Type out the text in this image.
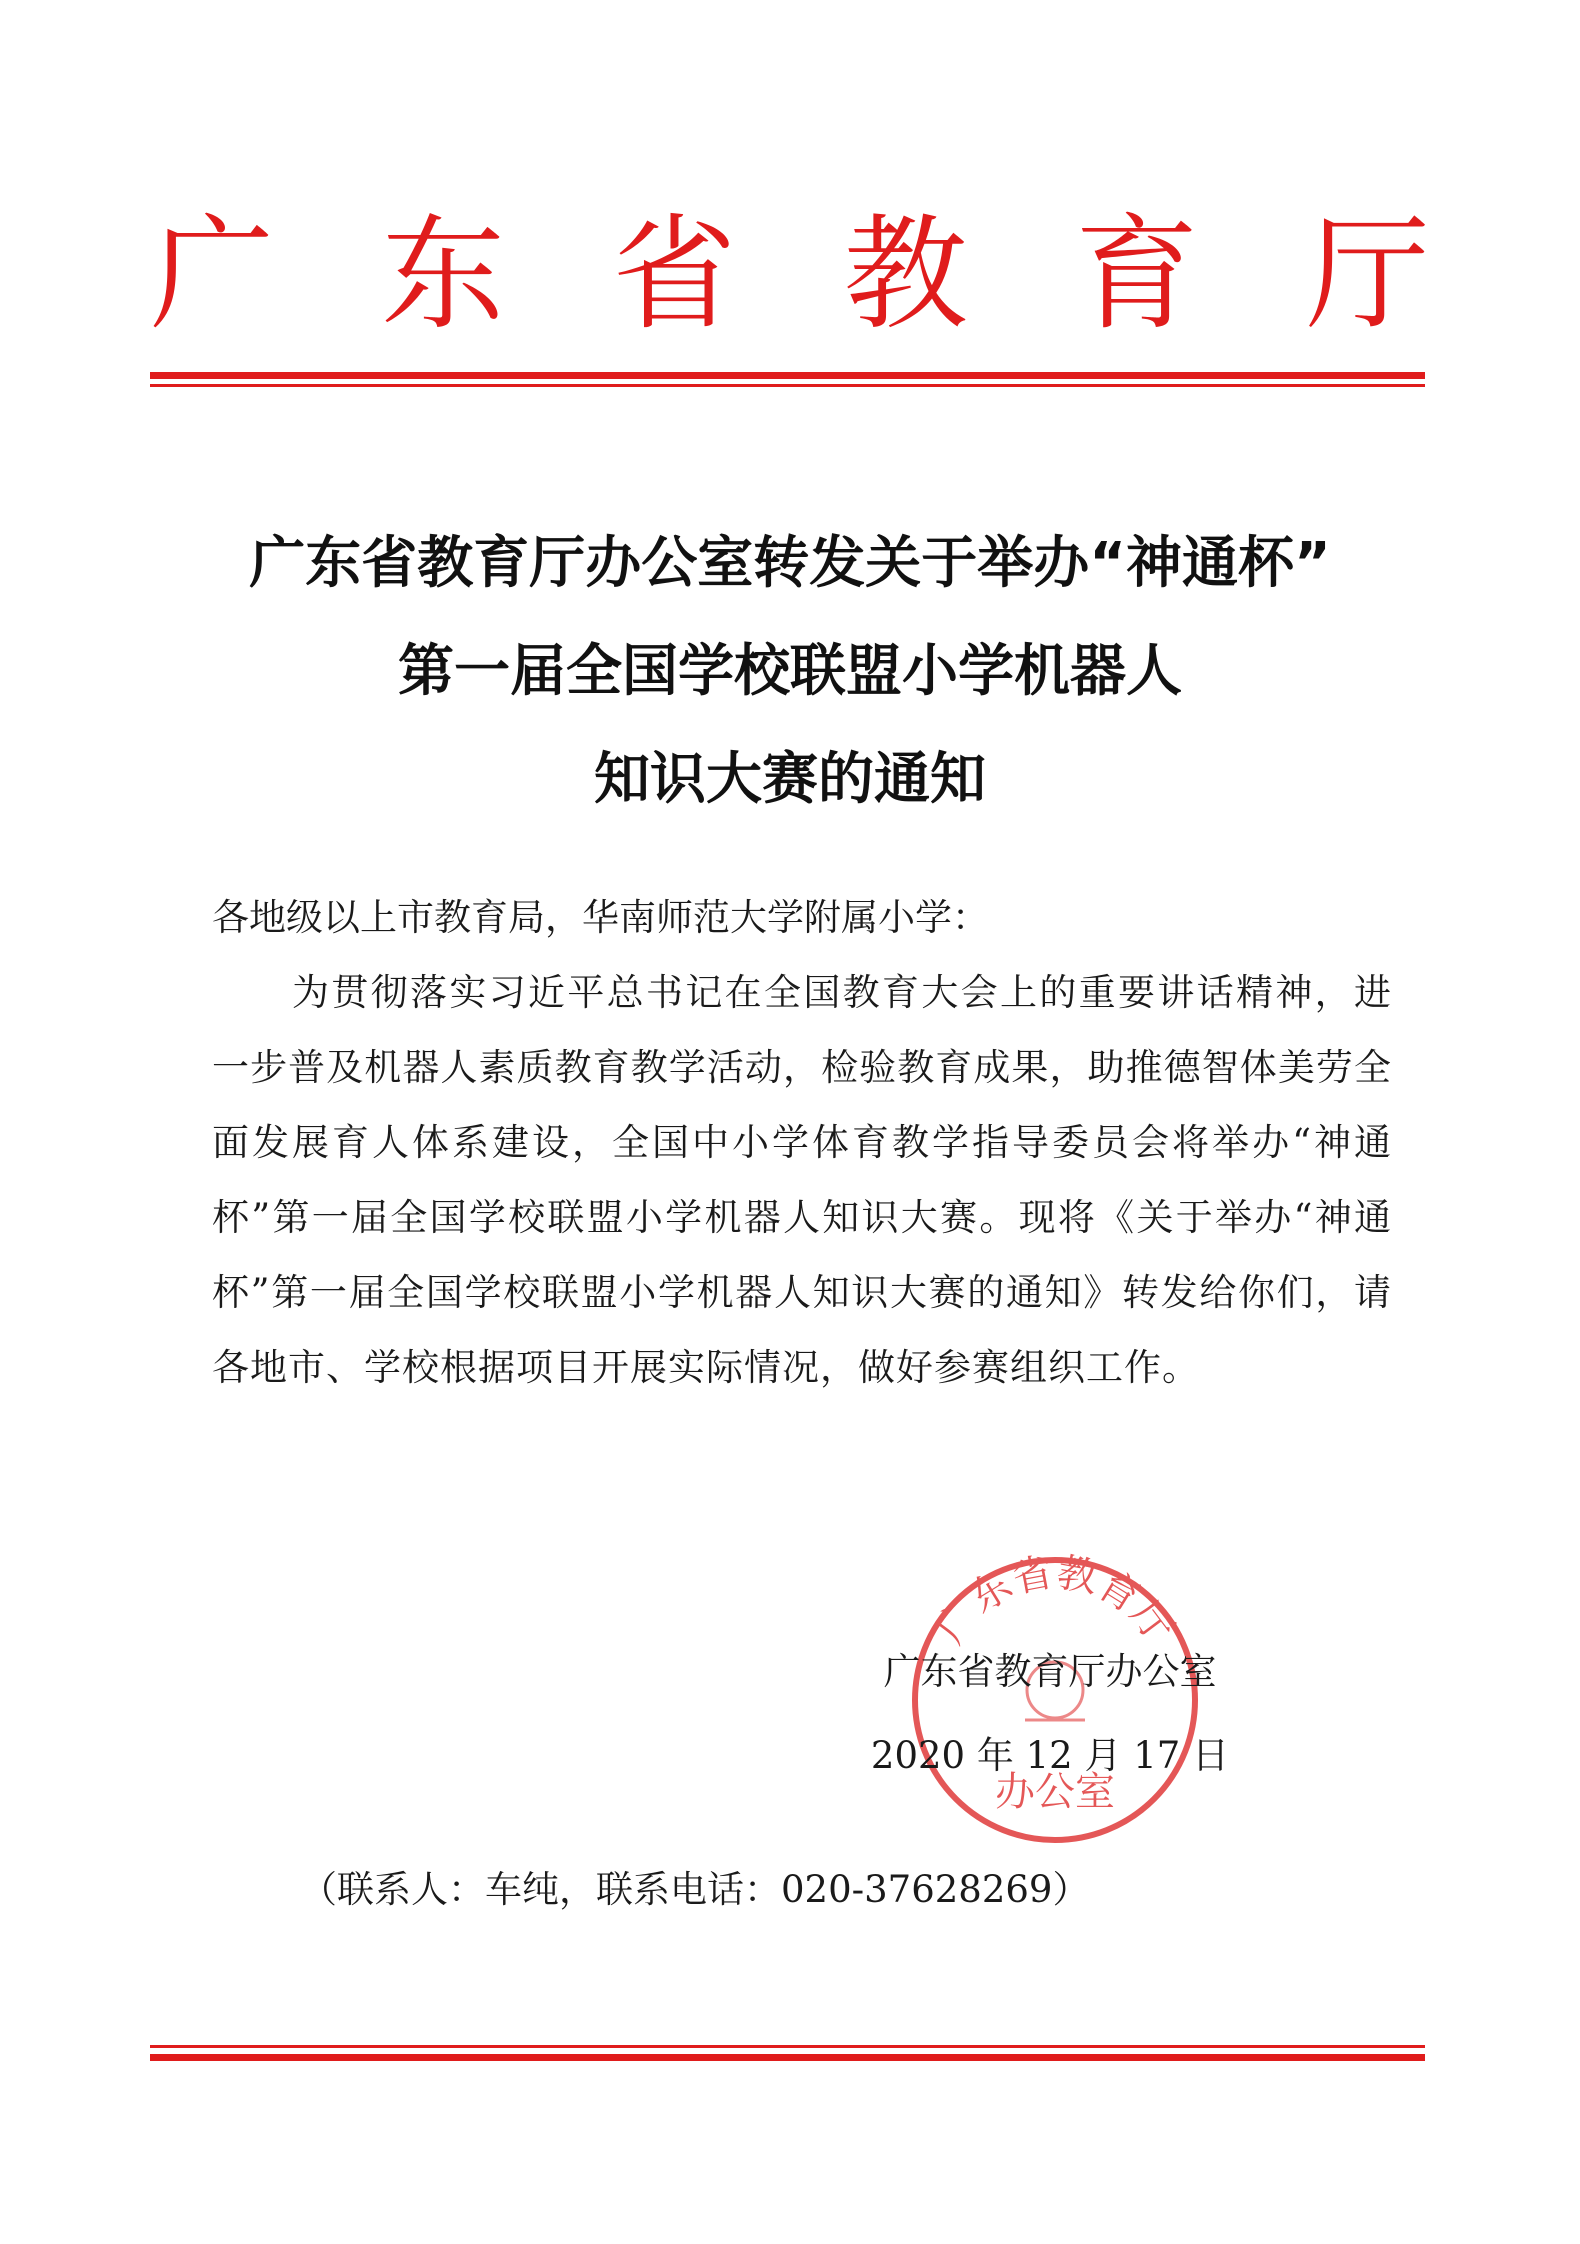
广 东 省 教 育 厅
广东省教育厅办公室转发关于举办“神通杯”
第一届全国学校联盟小学机器人
知识大赛的通知
各地级以上市教育局，华南师范大学附属小学：
为贯彻落实习近平总书记在全国教育大会上的重要讲话精神，进一步普及机器人素质教育教学活动，检验教育成果，助推德智体美劳全面发展育人体系建设，全国中小学体育教学指导委员会将举办“神通杯”第一届全国学校联盟小学机器人知识大赛。现将《关于举办“神通杯”第一届全国学校联盟小学机器人知识大赛的通知》转发给你们，请各地市、学校根据项目开展实际情况，做好参赛组织工作。
广东省教育厅
办公室
广东省教育厅办公室
2020 年 12 月 17 日
（联系人：车纯，联系电话：020-37628269）
